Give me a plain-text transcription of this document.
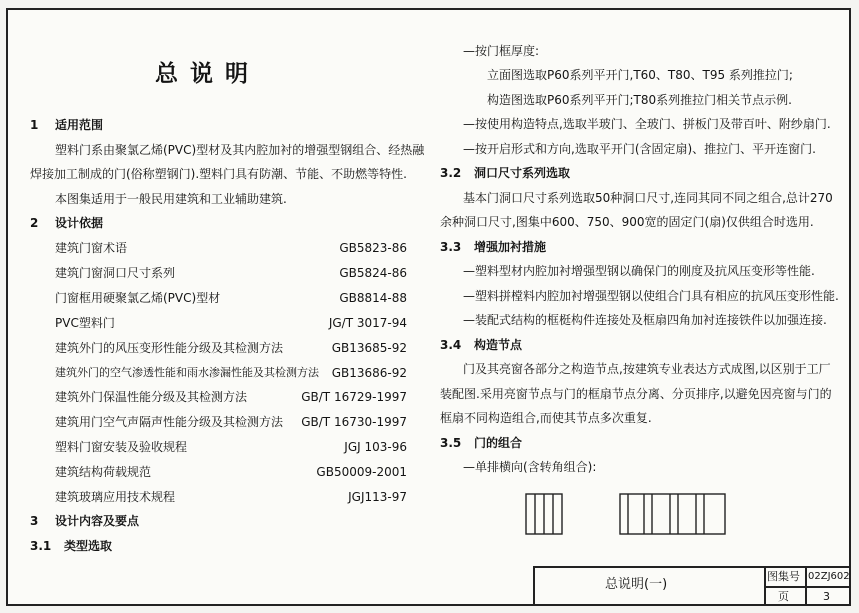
总说明
1 适用范围
塑料门系由聚氯乙烯(PVC)型材及其内腔加衬的增强型钢组合、经热融
焊接加工制成的门(俗称塑钢门).塑料门具有防潮、节能、不助燃等特性.
本图集适用于一般民用建筑和工业辅助建筑.
2 设计依据
建筑门窗术语	GB5823-86
建筑门窗洞口尺寸系列	GB5824-86
门窗框用硬聚氯乙烯(PVC)型材	GB8814-88
PVC塑料门	JG/T 3017-94
建筑外门的风压变形性能分级及其检测方法	GB13685-92
建筑外门的空气渗透性能和雨水渗漏性能及其检测方法 GB13686-92
建筑外门保温性能分级及其检测方法	GB/T 16729-1997
建筑用门空气声隔声性能分级及其检测方法 GB/T 16730-1997
塑料门窗安装及验收规程	JGJ 103-96
建筑结构荷载规范	GB50009-2001
建筑玻璃应用技术规程	JGJ113-97
3 设计内容及要点
3.1 类型选取
—按门框厚度:
立面图选取P60系列平开门,T60、T80、T95 系列推拉门;
构造图选取P60系列平开门;T80系列推拉门相关节点示例.
—按使用构造特点,选取半玻门、全玻门、拼板门及带百叶、附纱扇门.
—按开启形式和方向,选取平开门(含固定扇)、推拉门、平开连窗门.
3.2 洞口尺寸系列选取
基本门洞口尺寸系列选取50种洞口尺寸,连同其同不同之组合,总计270
余种洞口尺寸,图集中600、750、900宽的固定门(扇)仅供组合时选用.
3.3 增强加衬措施
—塑料型材内腔加衬增强型钢以确保门的刚度及抗风压变形等性能.
—塑料拼樘料内腔加衬增强型钢以使组合门具有相应的抗风压变形性能.
—装配式结构的框梃构件连接处及框扇四角加衬连接铁件以加强连接.
3.4 构造节点
门及其亮窗各部分之构造节点,按建筑专业表达方式成图,以区别于工厂
装配图.采用亮窗节点与门的框扇节点分离、分页排序,以避免因亮窗与门的
框扇不同构造组合,而使其节点多次重复.
3.5 门的组合
—单排横向(含转角组合):
总说明(一)
图集号 02ZJ602
页	3
